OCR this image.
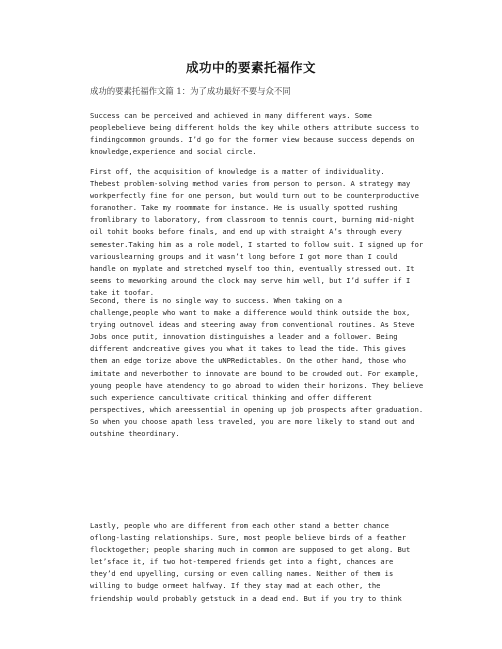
成功中的要素托福作文
成功的要素托福作文篇 1：为了成功最好不要与众不同
Success can be perceived and achieved in many different ways. Some
peoplebelieve being different holds the key while others attribute success to
findingcommon grounds. I’d go for the former view because success depends on
knowledge,experience and social circle.
First off, the acquisition of knowledge is a matter of individuality.
Thebest problem-solving method varies from person to person. A strategy may
workperfectly fine for one person, but would turn out to be counterproductive
foranother. Take my roommate for instance. He is usually spotted rushing
fromlibrary to laboratory, from classroom to tennis court, burning mid-night
oil tohit books before finals, and end up with straight A’s through every
semester.Taking him as a role model, I started to follow suit. I signed up for
variouslearning groups and it wasn’t long before I got more than I could
handle on myplate and stretched myself too thin, eventually stressed out. It
seems to meworking around the clock may serve him well, but I’d suffer if I
take it toofar.
Second, there is no single way to success. When taking on a
challenge,people who want to make a difference would think outside the box,
trying outnovel ideas and steering away from conventional routines. As Steve
Jobs once putit, innovation distinguishes a leader and a follower. Being
different andcreative gives you what it takes to lead the tide. This gives
them an edge torize above the uNPRedictables. On the other hand, those who
imitate and neverbother to innovate are bound to be crowded out. For example,
young people have atendency to go abroad to widen their horizons. They believe
such experience cancultivate critical thinking and offer different
perspectives, which areessential in opening up job prospects after graduation.
So when you choose apath less traveled, you are more likely to stand out and
outshine theordinary.
Lastly, people who are different from each other stand a better chance
oflong-lasting relationships. Sure, most people believe birds of a feather
flocktogether; people sharing much in common are supposed to get along. But
let’sface it, if two hot-tempered friends get into a fight, chances are
they’d end upyelling, cursing or even calling names. Neither of them is
willing to budge ormeet halfway. If they stay mad at each other, the
friendship would probably getstuck in a dead end. But if you try to think
